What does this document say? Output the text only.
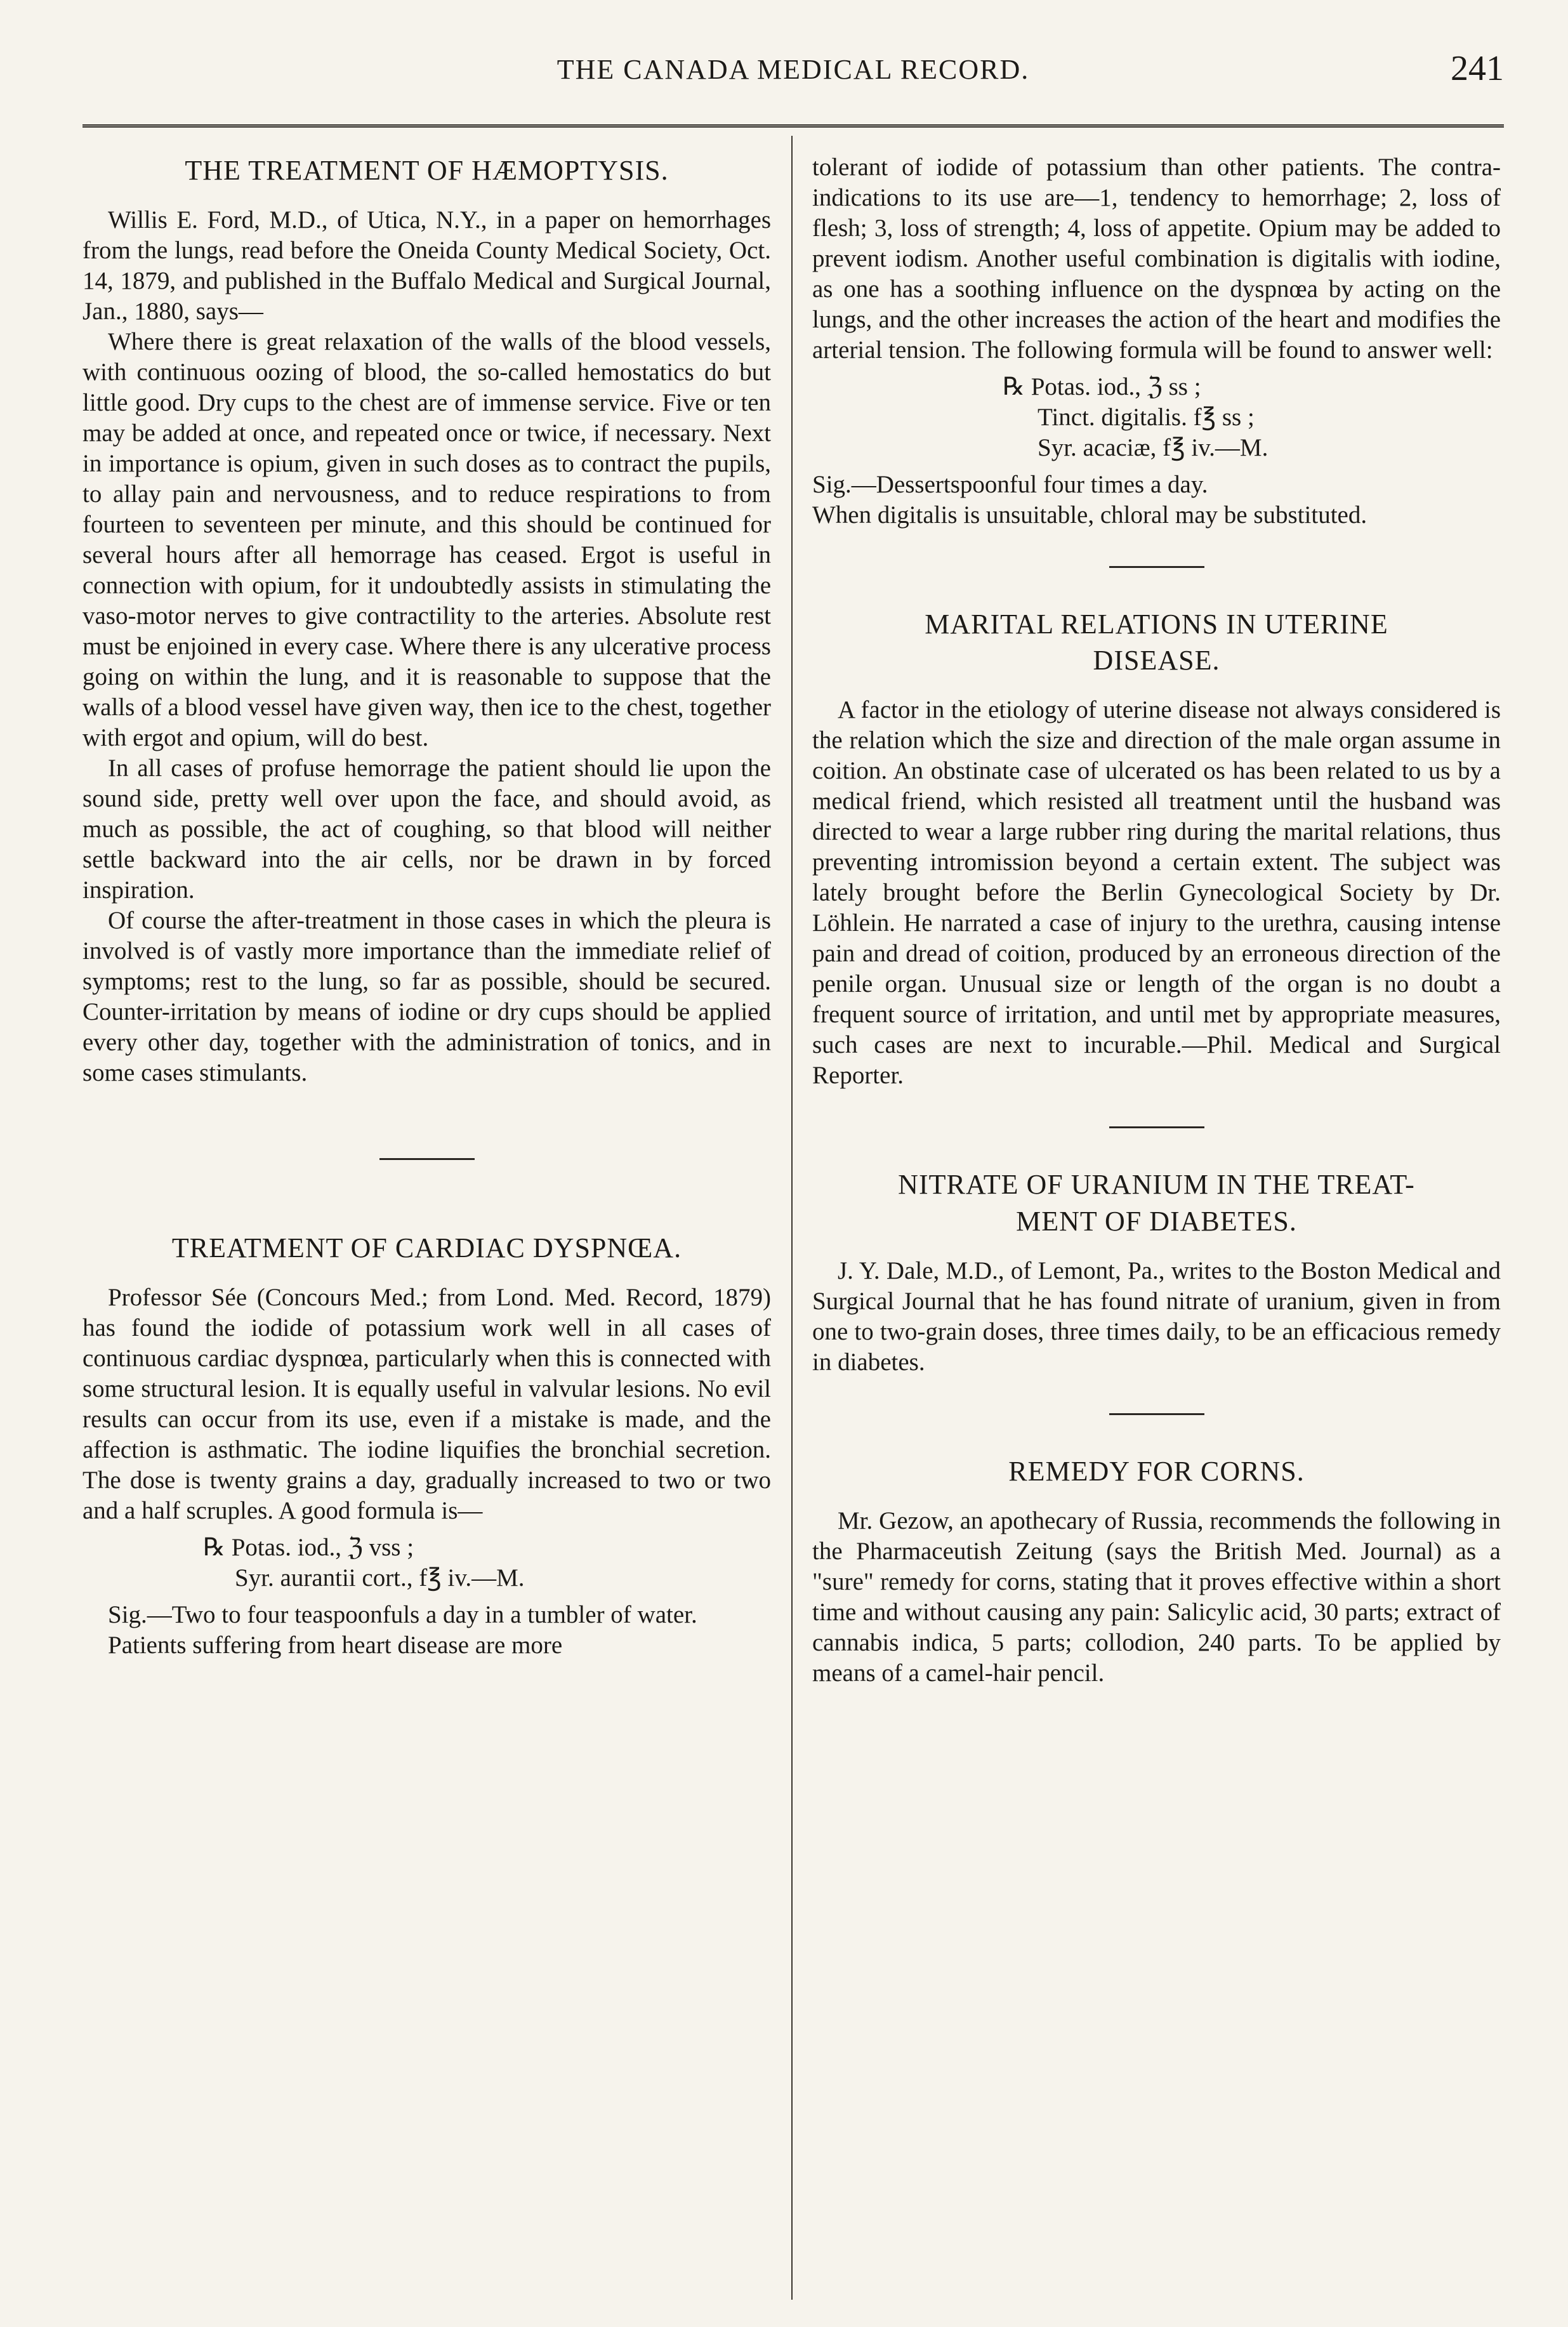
THE CANADA MEDICAL RECORD.	241
THE TREATMENT OF HÆMOPTYSIS.

Willis E. Ford, M.D., of Utica, N.Y., in a paper on hemorrhages from the lungs, read before the Oneida County Medical Society, Oct. 14, 1879, and published in the Buffalo Medical and Surgical Journal, Jan., 1880, says—

Where there is great relaxation of the walls of the blood vessels, with continuous oozing of blood, the so-called hemostatics do but little good. Dry cups to the chest are of immense service. Five or ten may be added at once, and repeated once or twice, if necessary. Next in importance is opium, given in such doses as to contract the pupils, to allay pain and nervousness, and to reduce respirations to from fourteen to seventeen per minute, and this should be continued for several hours after all hemorrage has ceased. Ergot is useful in connection with opium, for it undoubtedly assists in stimulating the vaso-motor nerves to give contractility to the arteries. Absolute rest must be enjoined in every case. Where there is any ulcerative process going on within the lung, and it is reasonable to suppose that the walls of a blood vessel have given way, then ice to the chest, together with ergot and opium, will do best.

In all cases of profuse hemorrage the patient should lie upon the sound side, pretty well over upon the face, and should avoid, as much as possible, the act of coughing, so that blood will neither settle backward into the air cells, nor be drawn in by forced inspiration.

Of course the after-treatment in those cases in which the pleura is involved is of vastly more importance than the immediate relief of symptoms; rest to the lung, so far as possible, should be secured. Counter-irritation by means of iodine or dry cups should be applied every other day, together with the administration of tonics, and in some cases stimulants.

TREATMENT OF CARDIAC DYSPNŒA.

Professor Sée (Concours Med.; from Lond. Med. Record, 1879) has found the iodide of potassium work well in all cases of continuous cardiac dyspnœa, particularly when this is connected with some structural lesion. It is equally useful in valvular lesions. No evil results can occur from its use, even if a mistake is made, and the affection is asthmatic. The iodine liquifies the bronchial secretion. The dose is twenty grains a day, gradually increased to two or two and a half scruples. A good formula is—

℞ Potas. iod., ℨ vss ;
Syr. aurantii cort., f℥ iv.—M.

Sig.—Two to four teaspoonfuls a day in a tumbler of water.

Patients suffering from heart disease are more

tolerant of iodide of potassium than other patients. The contra-indications to its use are—1, tendency to hemorrhage; 2, loss of flesh; 3, loss of strength; 4, loss of appetite. Opium may be added to prevent iodism. Another useful combination is digitalis with iodine, as one has a soothing influence on the dyspnœa by acting on the lungs, and the other increases the action of the heart and modifies the arterial tension. The following formula will be found to answer well:

℞ Potas. iod., ℨ ss ;
Tinct. digitalis. f℥ ss ;
Syr. acaciæ, f℥ iv.—M.

Sig.—Dessertspoonful four times a day.

When digitalis is unsuitable, chloral may be substituted.

MARITAL RELATIONS IN UTERINE
DISEASE.

A factor in the etiology of uterine disease not always considered is the relation which the size and direction of the male organ assume in coition. An obstinate case of ulcerated os has been related to us by a medical friend, which resisted all treatment until the husband was directed to wear a large rubber ring during the marital relations, thus preventing intromission beyond a certain extent. The subject was lately brought before the Berlin Gynecological Society by Dr. Löhlein. He narrated a case of injury to the urethra, causing intense pain and dread of coition, produced by an erroneous direction of the penile organ. Unusual size or length of the organ is no doubt a frequent source of irritation, and until met by appropriate measures, such cases are next to incurable.—Phil. Medical and Surgical Reporter.

NITRATE OF URANIUM IN THE TREAT-
MENT OF DIABETES.

J. Y. Dale, M.D., of Lemont, Pa., writes to the Boston Medical and Surgical Journal that he has found nitrate of uranium, given in from one to two-grain doses, three times daily, to be an efficacious remedy in diabetes.

REMEDY FOR CORNS.

Mr. Gezow, an apothecary of Russia, recommends the following in the Pharmaceutish Zeitung (says the British Med. Journal) as a "sure" remedy for corns, stating that it proves effective within a short time and without causing any pain: Salicylic acid, 30 parts; extract of cannabis indica, 5 parts; collodion, 240 parts. To be applied by means of a camel-hair pencil.
